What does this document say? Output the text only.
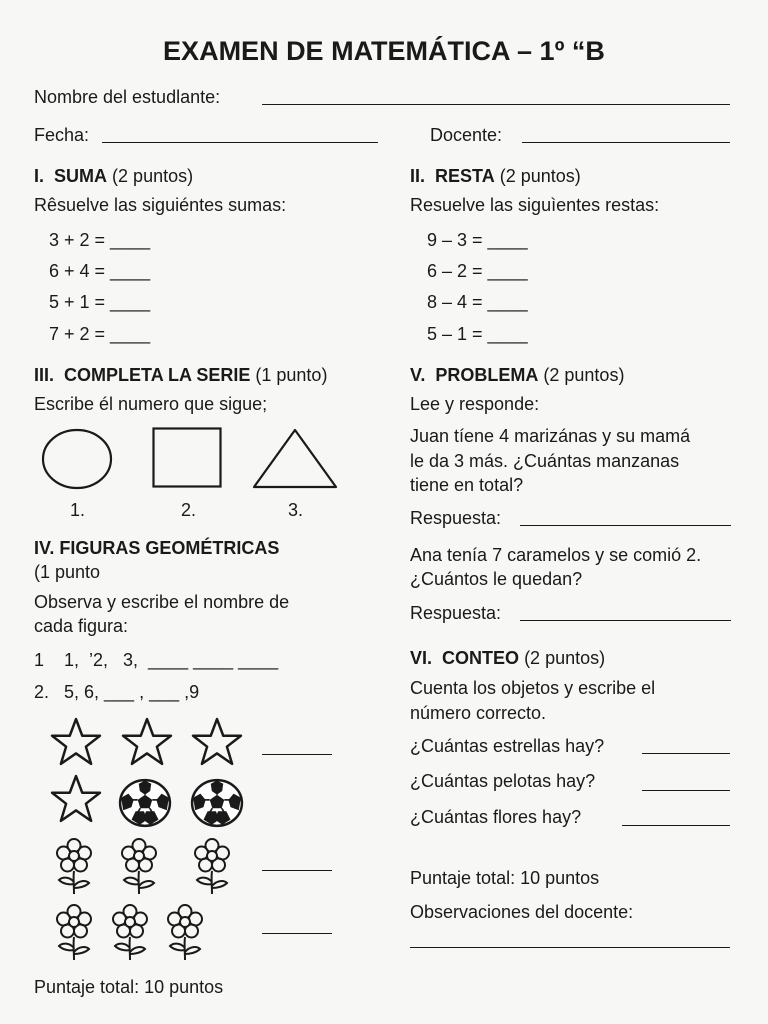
EXAMEN DE MATEMÁTICA – 1º “B
Nombre del estudlante:
Fecha:	Docente:
I. SUMA (2 puntos)
Rêsuelve las siguiéntes sumas:
3 + 2 = ____
6 + 4 = ____
5 + 1 = ____
7 + 2 = ____
II. RESTA (2 puntos)
Resuelve las siguìentes restas:
9 – 3 = ____
6 – 2 = ____
8 – 4 = ____
5 – 1 = ____
III. COMPLETA LA SERIE (1 punto)
Escribe él numero que sigue;
1.	2.	3.
IV. FIGURAS GEOMÉTRICAS
(1 punto
Observa y escribe el nombre de
cada figura:
1    1,  ’2,   3,  ____ ____ ____
2.   5, 6, ___ , ___ ,9
Puntaje total: 10 puntos
V. PROBLEMA (2 puntos)
Lee y responde:
Juan tíene 4 marizánas y su mamá
le da 3 más. ¿Cuántas manzanas
tiene en total?
Respuesta:
Ana tenía 7 caramelos y se comió 2.
¿Cuántos le quedan?
Respuesta:
VI. CONTEO (2 puntos)
Cuenta los objetos y escribe el
número correcto.
¿Cuántas estrellas hay?
¿Cuántas pelotas hay?
¿Cuántas flores hay?
Puntaje total: 10 puntos
Observaciones del docente:
